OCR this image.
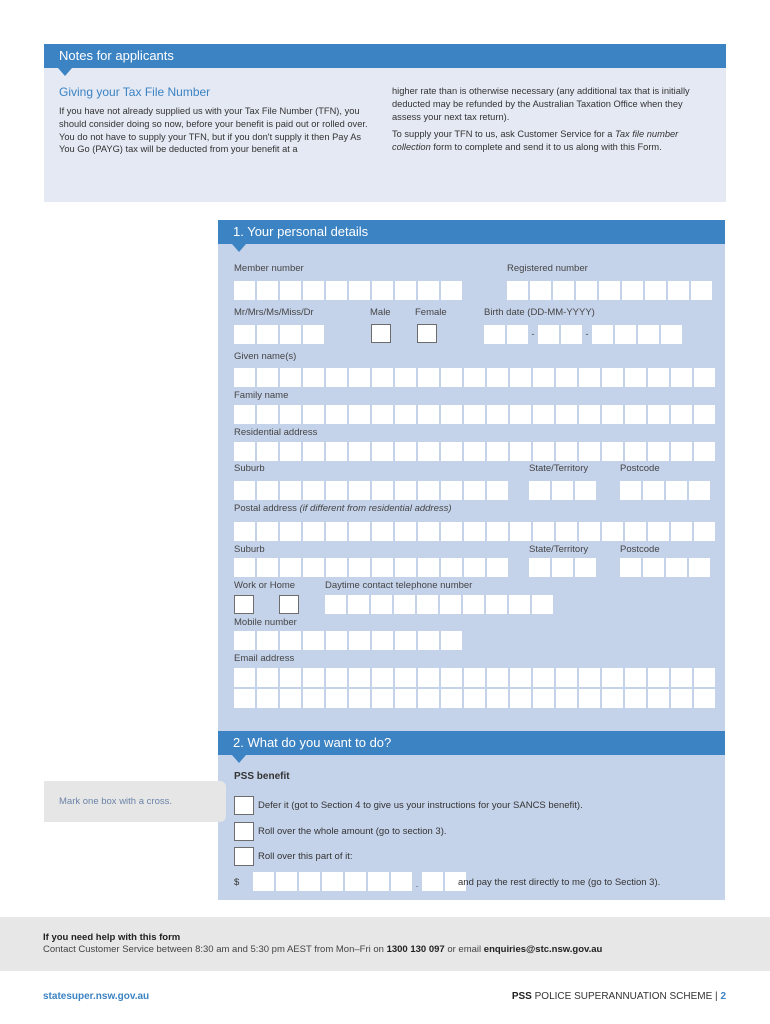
Notes for applicants
Giving your Tax File Number

If you have not already supplied us with your Tax File Number (TFN), you should consider doing so now, before your benefit is paid out or rolled over. You do not have to supply your TFN, but if you don't supply it then Pay As You Go (PAYG) tax will be deducted from your benefit at a

higher rate than is otherwise necessary (any additional tax that is initially deducted may be refunded by the Australian Taxation Office when they assess your next tax return).

To supply your TFN to us, ask Customer Service for a Tax file number collection form to complete and send it to us along with this Form.

1. Your personal details
Member number	Registered number
Mr/Mrs/Ms/Miss/Dr	Male	Female	Birth date (DD-MM-YYYY)
-	-
Given name(s)
Family name
Residential address
Suburb	State/Territory	Postcode
Postal address (if different from residential address)
Suburb	State/Territory	Postcode
Work or Home	Daytime contact telephone number
Mobile number
Email address
2. What do you want to do?
PSS benefit
Defer it (got to Section 4 to give us your instructions for your SANCS benefit).
Roll over the whole amount (go to section 3).
Roll over this part of it:
$	.	and pay the rest directly to me (go to Section 3).
Mark one box with a cross.
If you need help with this form
Contact Customer Service between 8:30 am and 5:30 pm AEST from Mon–Fri on 1300 130 097 or email enquiries@stc.nsw.gov.au
statesuper.nsw.gov.au	PSS POLICE SUPERANNUATION SCHEME | 2
